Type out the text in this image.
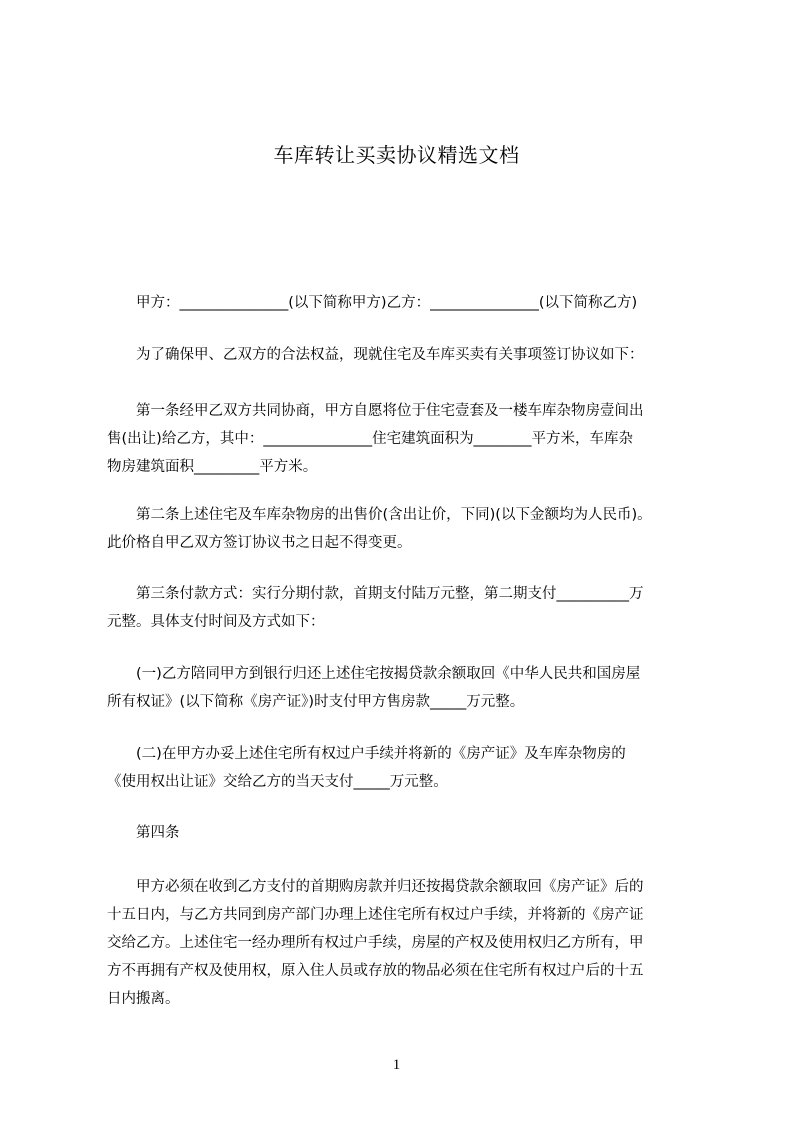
车库转让买卖协议精选文档

甲方：_______________(以下简称甲方)乙方：_______________(以下简称乙方)

为了确保甲、乙双方的合法权益，现就住宅及车库买卖有关事项签订协议如下：

第一条经甲乙双方共同协商，甲方自愿将位于住宅壹套及一楼车库杂物房壹间出
售(出让)给乙方，其中：_______________住宅建筑面积为________平方米，车库杂
物房建筑面积_________平方米。

第二条上述住宅及车库杂物房的出售价(含出让价，下同)(以下金额均为人民币)。
此价格自甲乙双方签订协议书之日起不得变更。

第三条付款方式：实行分期付款，首期支付陆万元整，第二期支付__________万
元整。具体支付时间及方式如下：

(一)乙方陪同甲方到银行归还上述住宅按揭贷款余额取回《中华人民共和国房屋
所有权证》(以下简称《房产证》)时支付甲方售房款_____万元整。

(二)在甲方办妥上述住宅所有权过户手续并将新的《房产证》及车库杂物房的
《使用权出让证》交给乙方的当天支付_____万元整。

第四条

甲方必须在收到乙方支付的首期购房款并归还按揭贷款余额取回《房产证》后的
十五日内，与乙方共同到房产部门办理上述住宅所有权过户手续，并将新的《房产证
交给乙方。上述住宅一经办理所有权过户手续，房屋的产权及使用权归乙方所有，甲
方不再拥有产权及使用权，原入住人员或存放的物品必须在住宅所有权过户后的十五
日内搬离。

1
